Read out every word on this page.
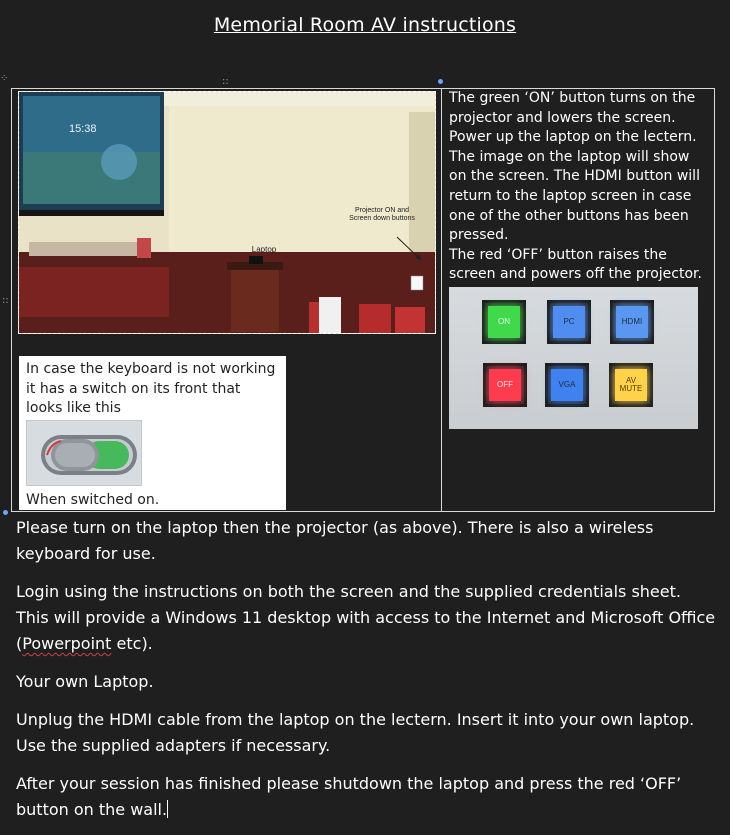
Memorial Room AV instructions
::
::
⁘
15:38
Laptop
Projector ON and Screen down buttons
In case the keyboard is not working it has a switch on its front that looks like this
When switched on.
The green ‘ON’ button turns on the projector and lowers the screen. Power up the laptop on the lectern. The image on the laptop will show on the screen. The HDMI button will return to the laptop screen in case one of the other buttons has been pressed.
The red ‘OFF’ button raises the screen and powers off the projector.
ON	PC	HDMI
OFF	VGA	AV MUTE

Please turn on the laptop then the projector (as above). There is also a wireless keyboard for use.

Login using the instructions on both the screen and the supplied credentials sheet. This will provide a Windows 11 desktop with access to the Internet and Microsoft Office (Powerpoint etc).

Your own Laptop.

Unplug the HDMI cable from the laptop on the lectern. Insert it into your own laptop. Use the supplied adapters if necessary.

After your session has finished please shutdown the laptop and press the red ‘OFF’ button on the wall.
